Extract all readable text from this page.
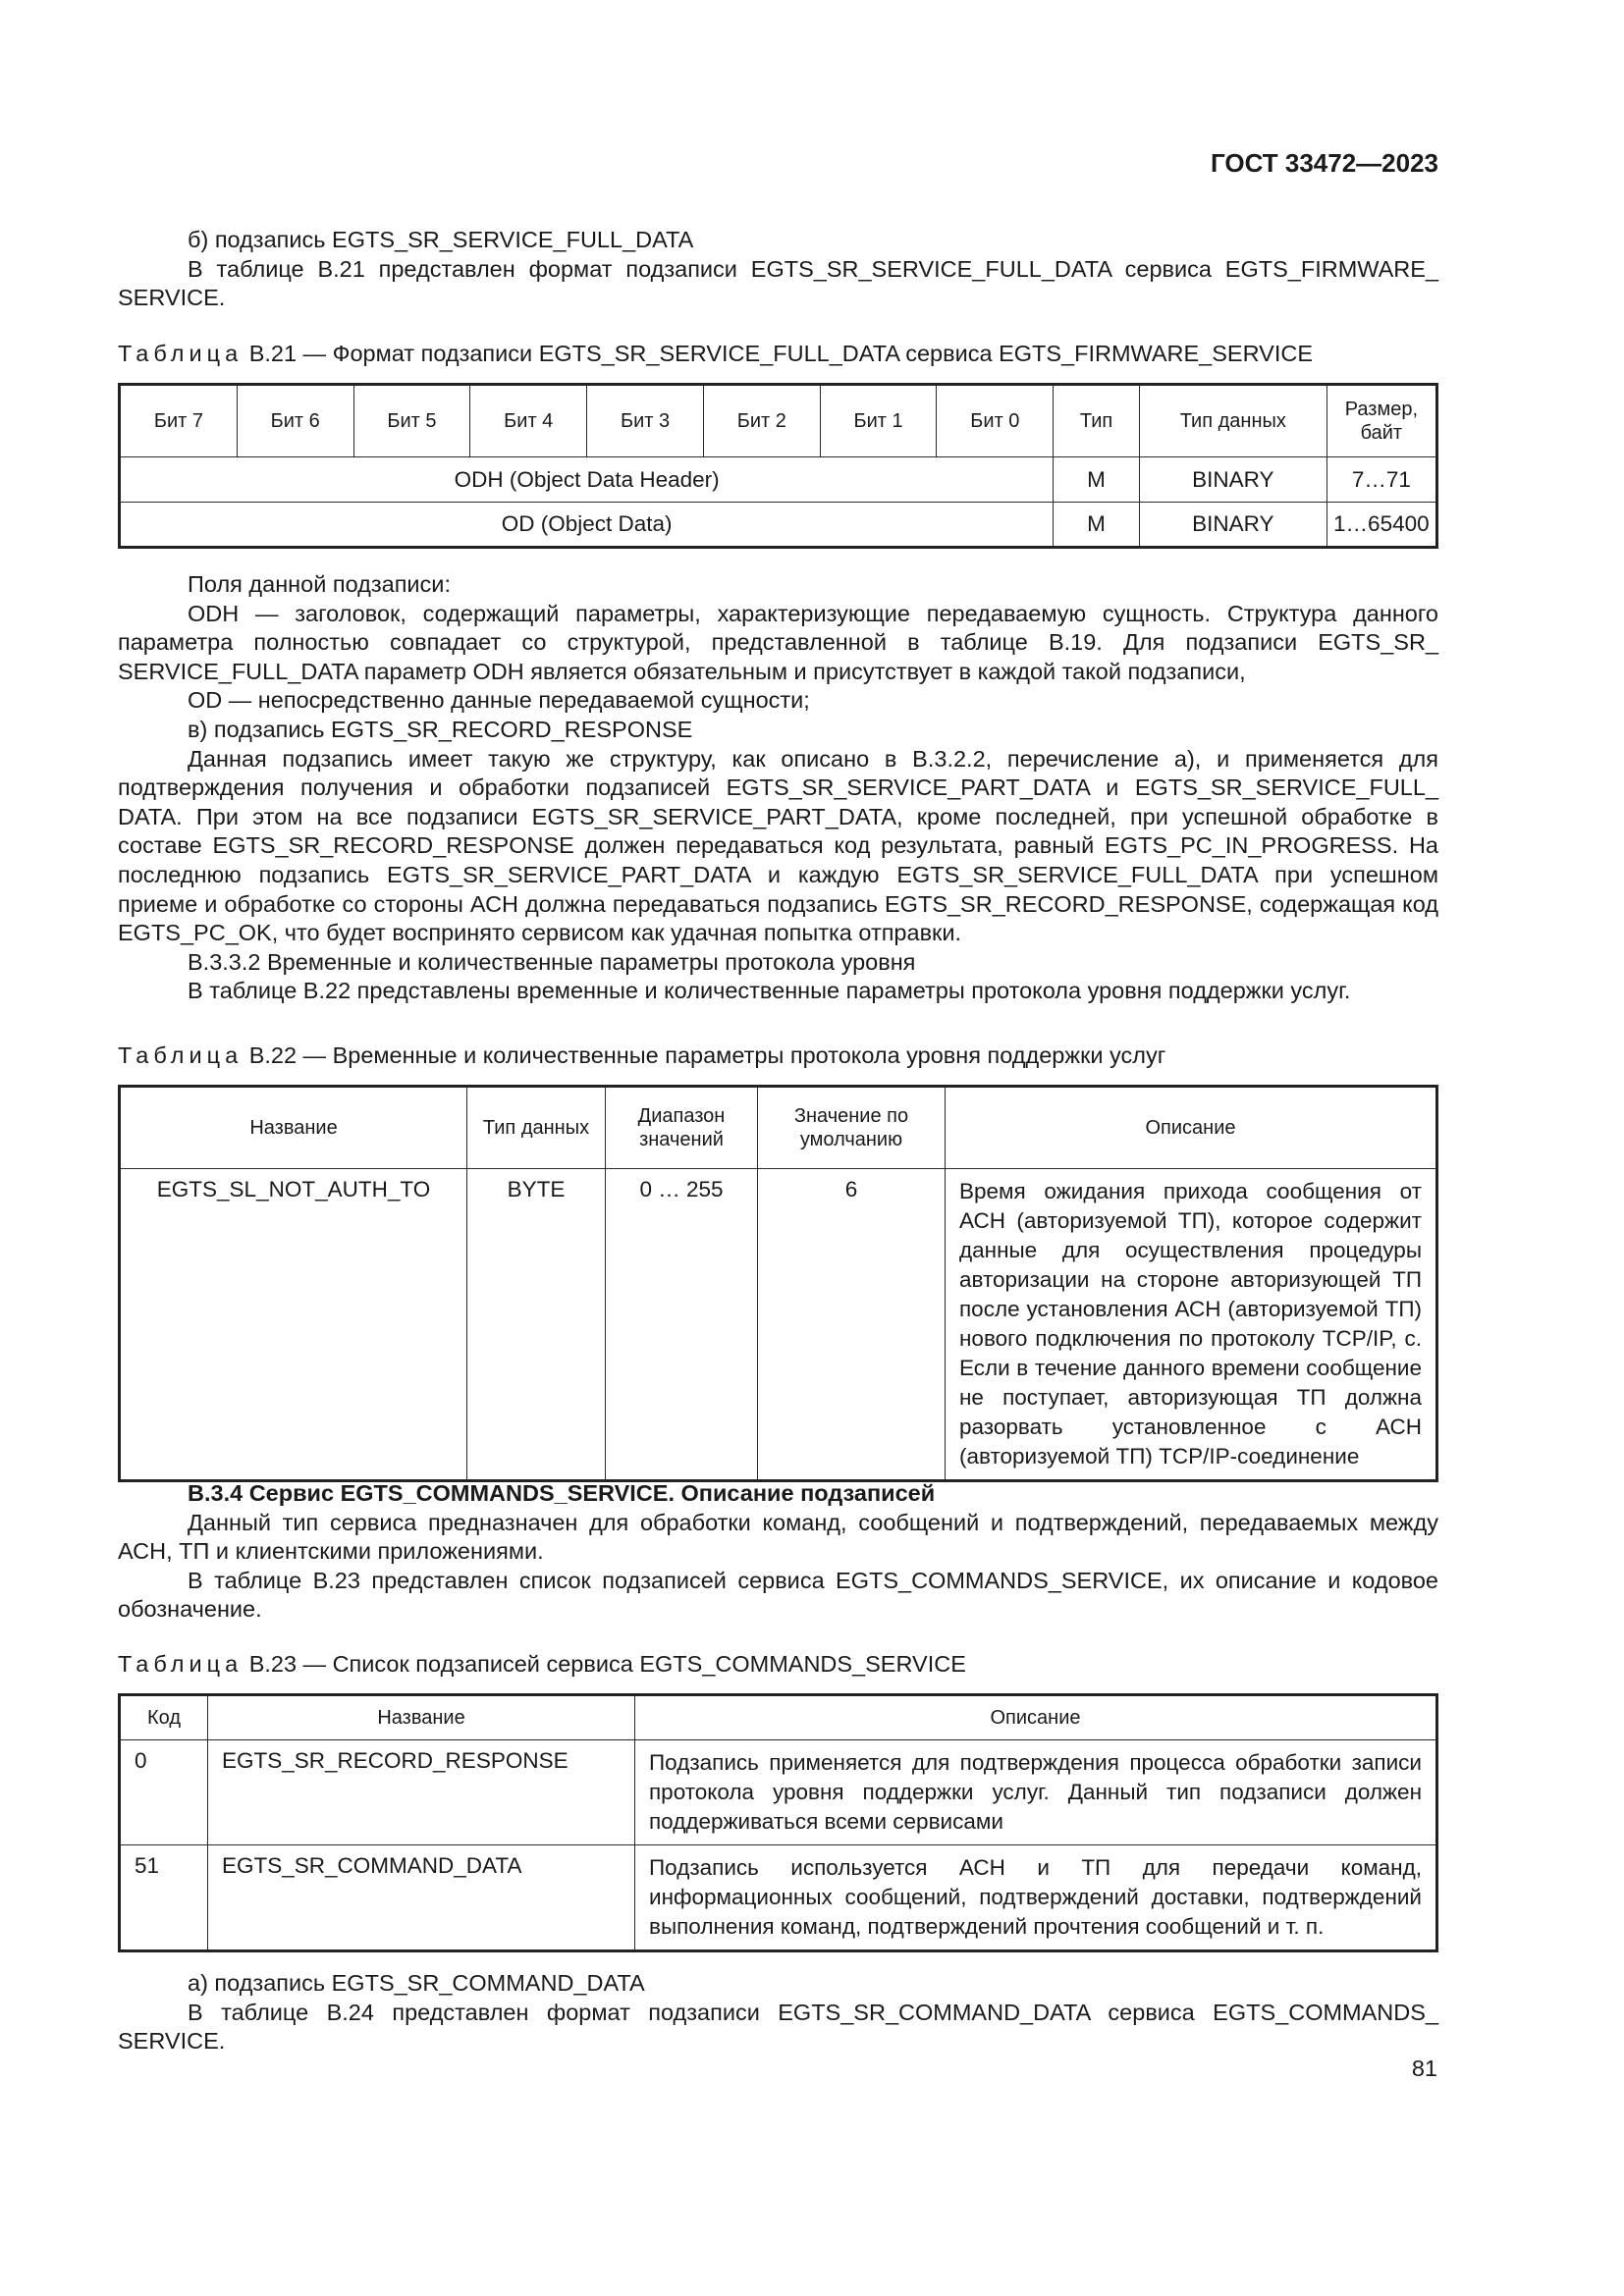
ГОСТ 33472—2023

б) подзапись EGTS_SR_SERVICE_FULL_DATA

В таблице В.21 представлен формат подзаписи EGTS_SR_SERVICE_FULL_DATA сервиса EGTS_FIRMWARE_ SERVICE.

Таблица В.21 — Формат подзаписи EGTS_SR_SERVICE_FULL_DATA сервиса EGTS_FIRMWARE_SERVICE
Бит 7	Бит 6	Бит 5	Бит 4	Бит 3	Бит 2	Бит 1	Бит 0	Тип	Тип данных	Размер, байт
ODH (Object Data Header)								M	BINARY	7…71
OD (Object Data)								M	BINARY	1…65400

Поля данной подзаписи:

ODH — заголовок, содержащий параметры, характеризующие передаваемую сущность. Структура данного параметра полностью совпадает со структурой, представленной в таблице В.19. Для подзаписи EGTS_SR_ SERVICE_FULL_DATA параметр ODH является обязательным и присутствует в каждой такой подзаписи,

OD — непосредственно данные передаваемой сущности;

в) подзапись EGTS_SR_RECORD_RESPONSE

Данная подзапись имеет такую же структуру, как описано в В.3.2.2, перечисление а), и применяется для подтверждения получения и обработки подзаписей EGTS_SR_SERVICE_PART_DATA и EGTS_SR_SERVICE_FULL_ DATA. При этом на все подзаписи EGTS_SR_SERVICE_PART_DATA, кроме последней, при успешной обработке в составе EGTS_SR_RECORD_RESPONSE должен передаваться код результата, равный EGTS_PC_IN_PROGRESS. На последнюю подзапись EGTS_SR_SERVICE_PART_DATA и каждую EGTS_SR_SERVICE_FULL_DATA при успешном приеме и обработке со стороны АСН должна передаваться подзапись EGTS_SR_RECORD_RESPONSE, содержащая код EGTS_PC_OK, что будет воспринято сервисом как удачная попытка отправки.

В.3.3.2 Временные и количественные параметры протокола уровня

В таблице В.22 представлены временные и количественные параметры протокола уровня поддержки услуг.

Таблица В.22 — Временные и количественные параметры протокола уровня поддержки услуг
Название	Тип данных	Диапазон значений	Значение по умолчанию	Описание
EGTS_SL_NOT_AUTH_TO	BYTE	0 … 255	6	Время ожидания прихода сообщения от АСН (авторизуемой ТП), которое содержит данные для осуществления процедуры авторизации на стороне авторизующей ТП после установления АСН (авторизуемой ТП) нового подключения по протоколу TCP/IP, с. Если в течение данного времени сообщение не поступает, авторизующая ТП должна разорвать установленное с АСН (авторизуемой ТП) TCP/IP-соединение

В.3.4 Сервис EGTS_COMMANDS_SERVICE. Описание подзаписей

Данный тип сервиса предназначен для обработки команд, сообщений и подтверждений, передаваемых между АСН, ТП и клиентскими приложениями.

В таблице В.23 представлен список подзаписей сервиса EGTS_COMMANDS_SERVICE, их описание и кодовое обозначение.

Таблица В.23 — Список подзаписей сервиса EGTS_COMMANDS_SERVICE
Код	Название	Описание
0	EGTS_SR_RECORD_RESPONSE	Подзапись применяется для подтверждения процесса обработки записи протокола уровня поддержки услуг. Данный тип подзаписи должен поддерживаться всеми сервисами
51	EGTS_SR_COMMAND_DATA	Подзапись используется АСН и ТП для передачи команд, информационных сообщений, подтверждений доставки, подтверждений выполнения команд, подтверждений прочтения сообщений и т. п.

а) подзапись EGTS_SR_COMMAND_DATA

В таблице В.24 представлен формат подзаписи EGTS_SR_COMMAND_DATA сервиса EGTS_COMMANDS_ SERVICE.

81
